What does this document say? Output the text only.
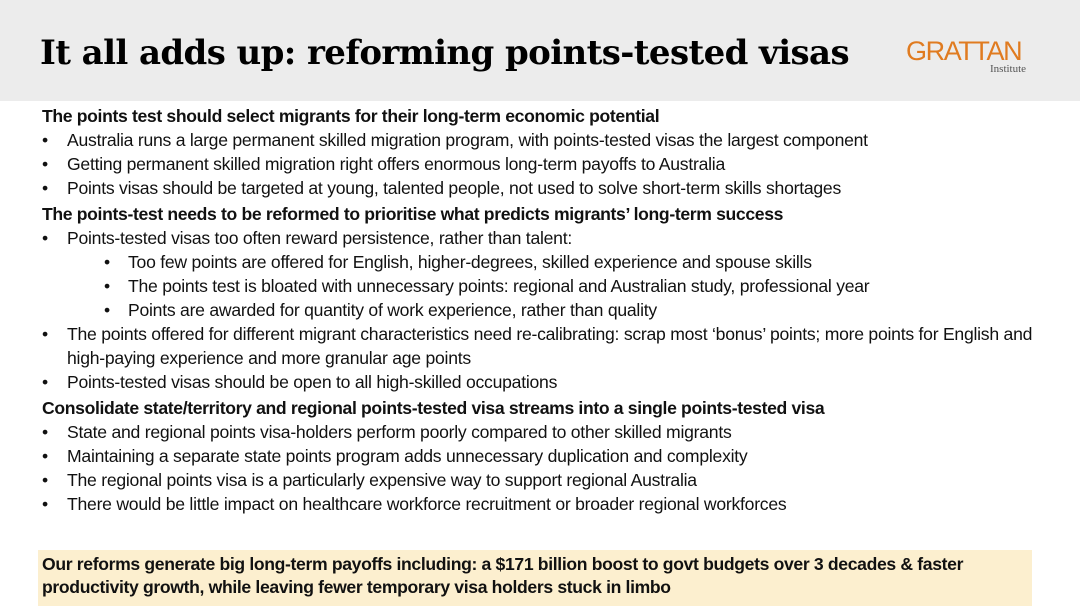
It all adds up: reforming points-tested visas GRATTAN
Institute

The points test should select migrants for their long-term economic potential

• Australia runs a large permanent skilled migration program, with points-tested visas the largest component
• Getting permanent skilled migration right offers enormous long-term payoffs to Australia
• Points visas should be targeted at young, talented people, not used to solve short-term skills shortages

The points-test needs to be reformed to prioritise what predicts migrants’ long-term success

• Points-tested visas too often reward persistence, rather than talent:
• Too few points are offered for English, higher-degrees, skilled experience and spouse skills
• The points test is bloated with unnecessary points: regional and Australian study, professional year
• Points are awarded for quantity of work experience, rather than quality
• The points offered for different migrant characteristics need re-calibrating: scrap most ‘bonus’ points; more points for English and high-paying experience and more granular age points
• Points-tested visas should be open to all high-skilled occupations

Consolidate state/territory and regional points-tested visa streams into a single points-tested visa

• State and regional points visa-holders perform poorly compared to other skilled migrants
• Maintaining a separate state points program adds unnecessary duplication and complexity
• The regional points visa is a particularly expensive way to support regional Australia
• There would be little impact on healthcare workforce recruitment or broader regional workforces

Our reforms generate big long-term payoffs including: a $171 billion boost to govt budgets over 3 decades & faster productivity growth, while leaving fewer temporary visa holders stuck in limbo
